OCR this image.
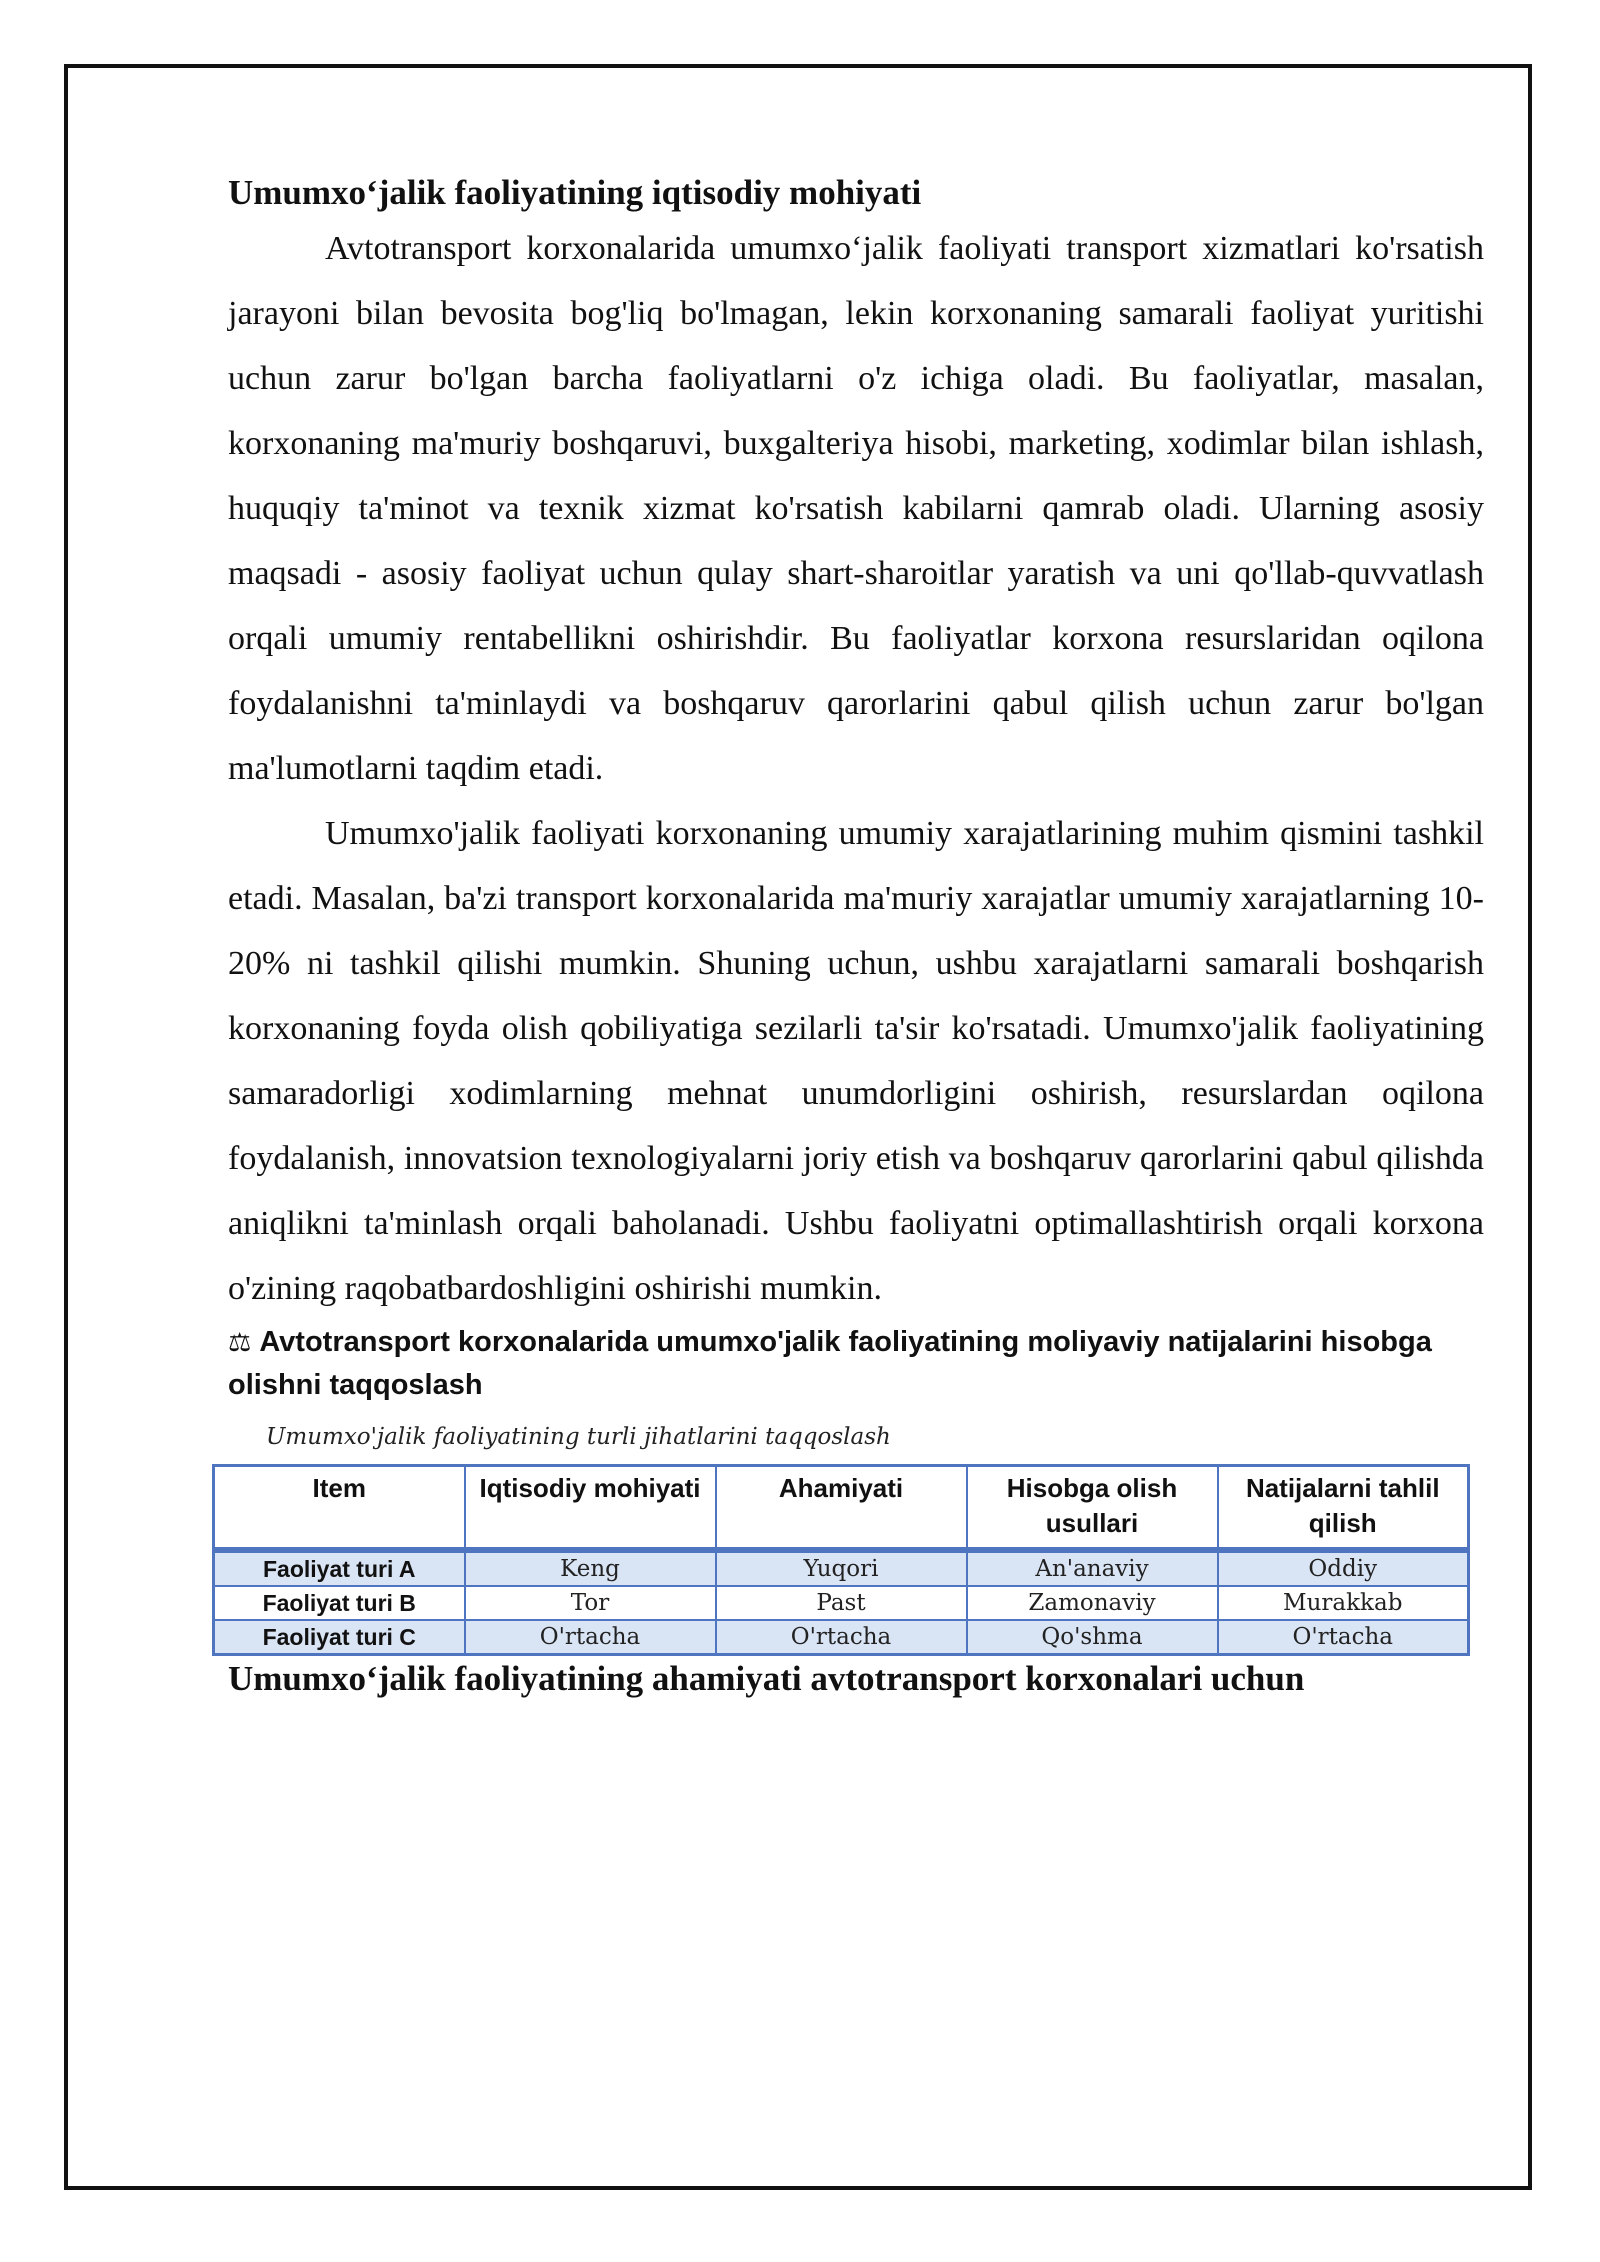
Umumxo‘jalik faoliyatining iqtisodiy mohiyati

Avtotransport korxonalarida umumxo‘jalik faoliyati transport xizmatlari ko'rsatish jarayoni bilan bevosita bog'liq bo'lmagan, lekin korxonaning samarali faoliyat yuritishi uchun zarur bo'lgan barcha faoliyatlarni o'z ichiga oladi. Bu faoliyatlar, masalan, korxonaning ma'muriy boshqaruvi, buxgalteriya hisobi, marketing, xodimlar bilan ishlash, huquqiy ta'minot va texnik xizmat ko'rsatish kabilarni qamrab oladi. Ularning asosiy maqsadi - asosiy faoliyat uchun qulay shart-sharoitlar yaratish va uni qo'llab-quvvatlash orqali umumiy rentabellikni oshirishdir. Bu faoliyatlar korxona resurslaridan oqilona foydalanishni ta'minlaydi va boshqaruv qarorlarini qabul qilish uchun zarur bo'lgan ma'lumotlarni taqdim etadi.

Umumxo'jalik faoliyati korxonaning umumiy xarajatlarining muhim qismini tashkil etadi. Masalan, ba'zi transport korxonalarida ma'muriy xarajatlar umumiy xarajatlarning 10-20% ni tashkil qilishi mumkin. Shuning uchun, ushbu xarajatlarni samarali boshqarish korxonaning foyda olish qobiliyatiga sezilarli ta'sir ko'rsatadi. Umumxo'jalik faoliyatining samaradorligi xodimlarning mehnat unumdorligini oshirish, resurslardan oqilona foydalanish, innovatsion texnologiyalarni joriy etish va boshqaruv qarorlarini qabul qilishda aniqlikni ta'minlash orqali baholanadi. Ushbu faoliyatni optimallashtirish orqali korxona o'zining raqobatbardoshligini oshirishi mumkin.

⚖ Avtotransport korxonalarida umumxo'jalik faoliyatining moliyaviy natijalarini hisobga olishni taqqoslash
Umumxo'jalik faoliyatining turli jihatlarini taqqoslash
Item	Iqtisodiy mohiyati	Ahamiyati	Hisobga olish usullari	Natijalarni tahlil qilish
Faoliyat turi A	Keng	Yuqori	An'anaviy	Oddiy
Faoliyat turi B	Tor	Past	Zamonaviy	Murakkab
Faoliyat turi C	O'rtacha	O'rtacha	Qo'shma	O'rtacha
Umumxo‘jalik faoliyatining ahamiyati avtotransport korxonalari uchun
